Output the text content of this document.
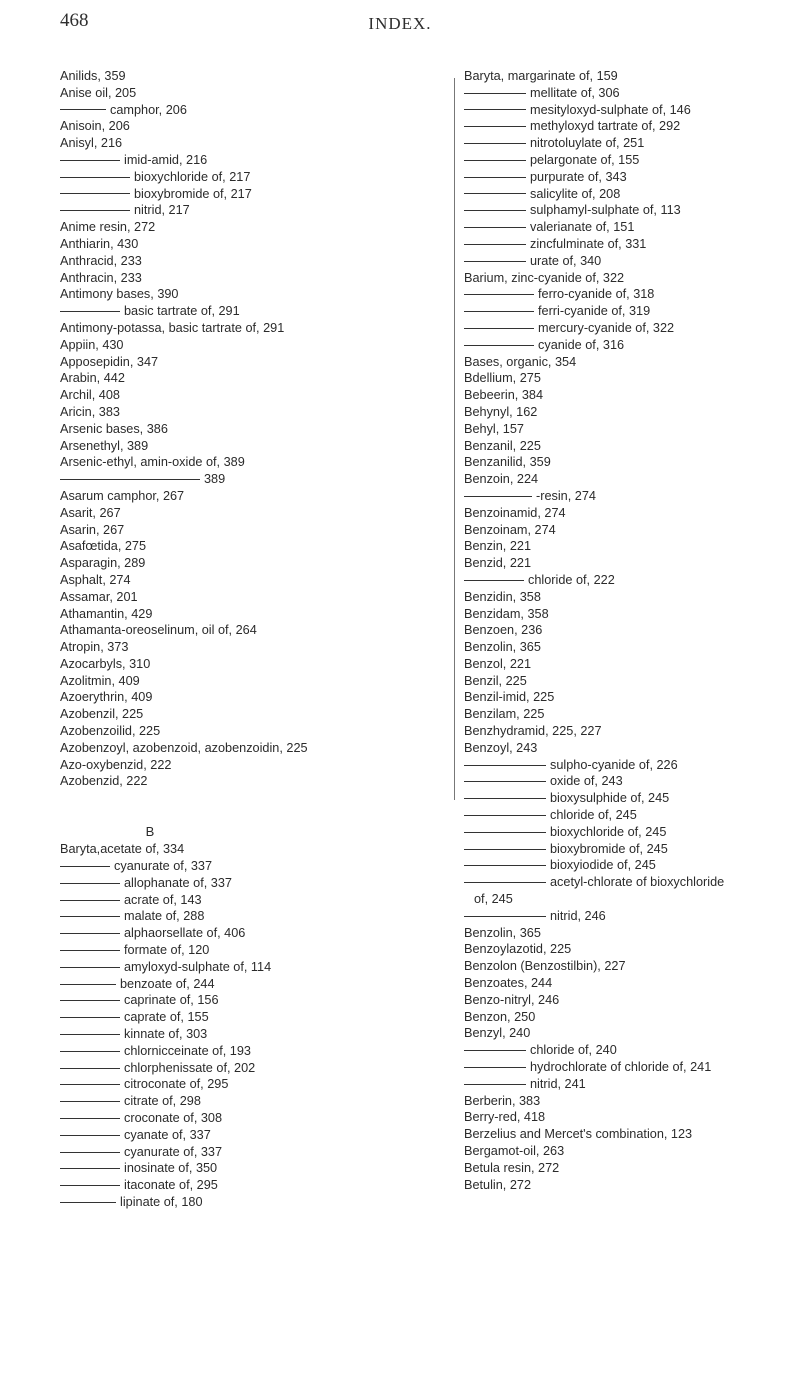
468	INDEX.
Anilids, 359
Anise oil, 205
camphor, 206
Anisoin, 206
Anisyl, 216
imid-amid, 216
bioxychloride of, 217
bioxybromide of, 217
nitrid, 217
Anime resin, 272
Anthiarin, 430
Anthracid, 233
Anthracin, 233
Antimony bases, 390
basic tartrate of, 291
Antimony-potassa, basic tartrate of, 291
Appiin, 430
Apposepidin, 347
Arabin, 442
Archil, 408
Aricin, 383
Arsenic bases, 386
Arsenethyl, 389
Arsenic-ethyl, amin-oxide of, 389
389
Asarum camphor, 267
Asarit, 267
Asarin, 267
Asafœtida, 275
Asparagin, 289
Asphalt, 274
Assamar, 201
Athamantin, 429
Athamanta-oreoselinum, oil of, 264
Atropin, 373
Azocarbyls, 310
Azolitmin, 409
Azoerythrin, 409
Azobenzil, 225
Azobenzoilid, 225
Azobenzoyl, azobenzoid, azobenzoidin, 225
Azo-oxybenzid, 222
Azobenzid, 222
B
Baryta,acetate of, 334
cyanurate of, 337
allophanate of, 337
acrate of, 143
malate of, 288
alphaorsellate of, 406
formate of, 120
amyloxyd-sulphate of, 114
benzoate of, 244
caprinate of, 156
caprate of, 155
kinnate of, 303
chlornicceinate of, 193
chlorphenissate of, 202
citroconate of, 295
citrate of, 298
croconate of, 308
cyanate of, 337
cyanurate of, 337
inosinate of, 350
itaconate of, 295
lipinate of, 180
Baryta, margarinate of, 159
mellitate of, 306
mesityloxyd-sulphate of, 146
methyloxyd tartrate of, 292
nitrotoluylate of, 251
pelargonate of, 155
purpurate of, 343
salicylite of, 208
sulphamyl-sulphate of, 113
valerianate of, 151
zincfulminate of, 331
urate of, 340
Barium, zinc-cyanide of, 322
ferro-cyanide of, 318
ferri-cyanide of, 319
mercury-cyanide of, 322
cyanide of, 316
Bases, organic, 354
Bdellium, 275
Bebeerin, 384
Behynyl, 162
Behyl, 157
Benzanil, 225
Benzanilid, 359
Benzoin, 224
-resin, 274
Benzoinamid, 274
Benzoinam, 274
Benzin, 221
Benzid, 221
chloride of, 222
Benzidin, 358
Benzidam, 358
Benzoen, 236
Benzolin, 365
Benzol, 221
Benzil, 225
Benzil-imid, 225
Benzilam, 225
Benzhydramid, 225, 227
Benzoyl, 243
sulpho-cyanide of, 226
oxide of, 243
bioxysulphide of, 245
chloride of, 245
bioxychloride of, 245
bioxybromide of, 245
bioxyiodide of, 245
acetyl-chlorate of bioxychloride
of, 245
nitrid, 246
Benzolin, 365
Benzoylazotid, 225
Benzolon (Benzostilbin), 227
Benzoates, 244
Benzo-nitryl, 246
Benzon, 250
Benzyl, 240
chloride of, 240
hydrochlorate of chloride of, 241
nitrid, 241
Berberin, 383
Berry-red, 418
Berzelius and Mercet's combination, 123
Bergamot-oil, 263
Betula resin, 272
Betulin, 272
